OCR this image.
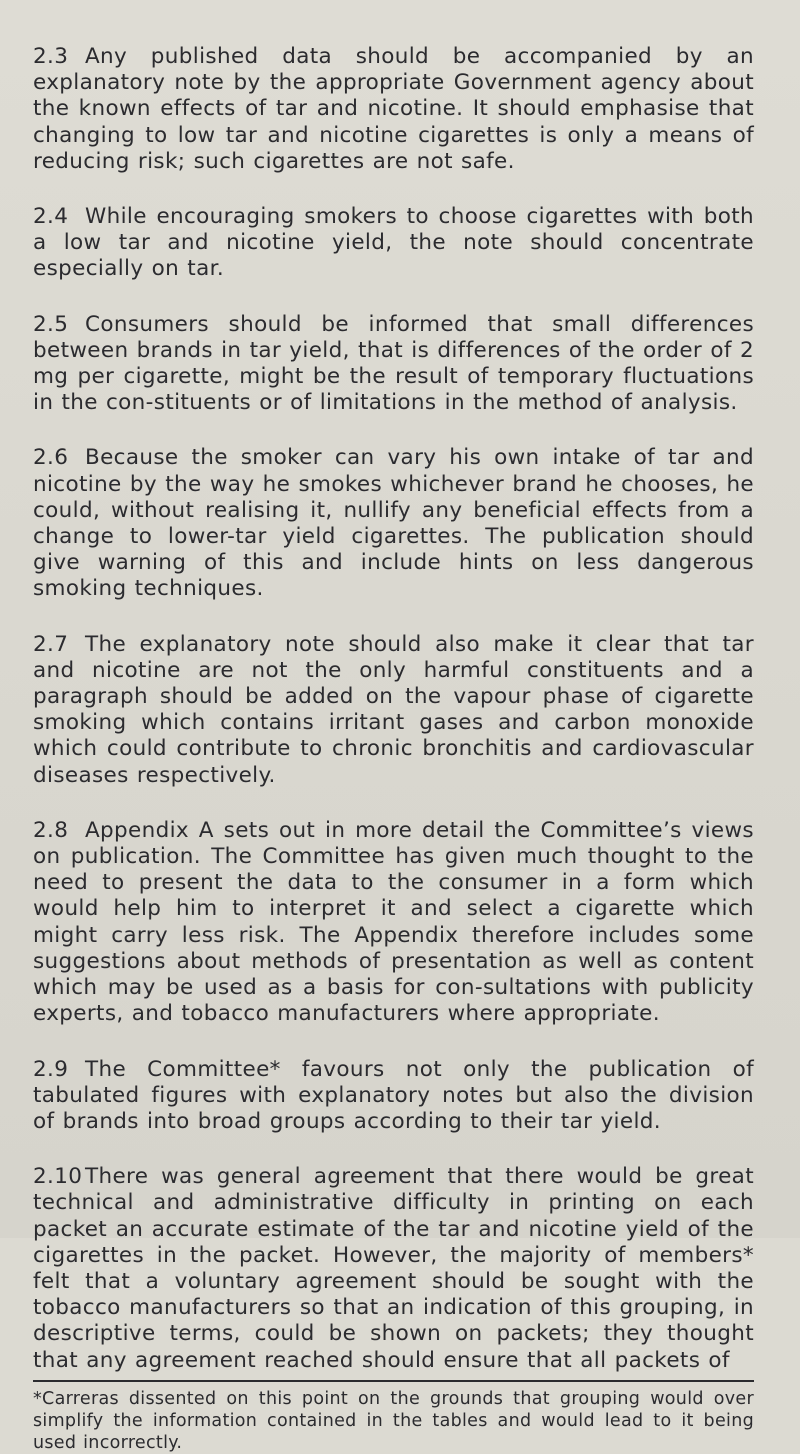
2.3 Any published data should be accompanied by an explanatory note by the appropriate Government agency about the known effects of tar and nicotine. It should emphasise that changing to low tar and nicotine cigarettes is only a means of reducing risk; such cigarettes are not safe.

2.4 While encouraging smokers to choose cigarettes with both a low tar and nicotine yield, the note should concentrate especially on tar.

2.5 Consumers should be informed that small differences between brands in tar yield, that is differences of the order of 2 mg per cigarette, might be the result of temporary fluctuations in the con-stituents or of limitations in the method of analysis.

2.6 Because the smoker can vary his own intake of tar and nicotine by the way he smokes whichever brand he chooses, he could, without realising it, nullify any beneficial effects from a change to lower-tar yield cigarettes. The publication should give warning of this and include hints on less dangerous smoking techniques.

2.7 The explanatory note should also make it clear that tar and nicotine are not the only harmful constituents and a paragraph should be added on the vapour phase of cigarette smoking which contains irritant gases and carbon monoxide which could contribute to chronic bronchitis and cardiovascular diseases respectively.

2.8 Appendix A sets out in more detail the Committee’s views on publication. The Committee has given much thought to the need to present the data to the consumer in a form which would help him to interpret it and select a cigarette which might carry less risk. The Appendix therefore includes some suggestions about methods of presentation as well as content which may be used as a basis for con-sultations with publicity experts, and tobacco manufacturers where appropriate.

2.9 The Committee* favours not only the publication of tabulated figures with explanatory notes but also the division of brands into broad groups according to their tar yield.

2.10 There was general agreement that there would be great technical and administrative difficulty in printing on each packet an accurate estimate of the tar and nicotine yield of the cigarettes in the packet. However, the majority of members* felt that a voluntary agreement should be sought with the tobacco manufacturers so that an indication of this grouping, in descriptive terms, could be shown on packets; they thought that any agreement reached should ensure that all packets of

*Carreras dissented on this point on the grounds that grouping would over simplify the information contained in the tables and would lead to it being used incorrectly.
